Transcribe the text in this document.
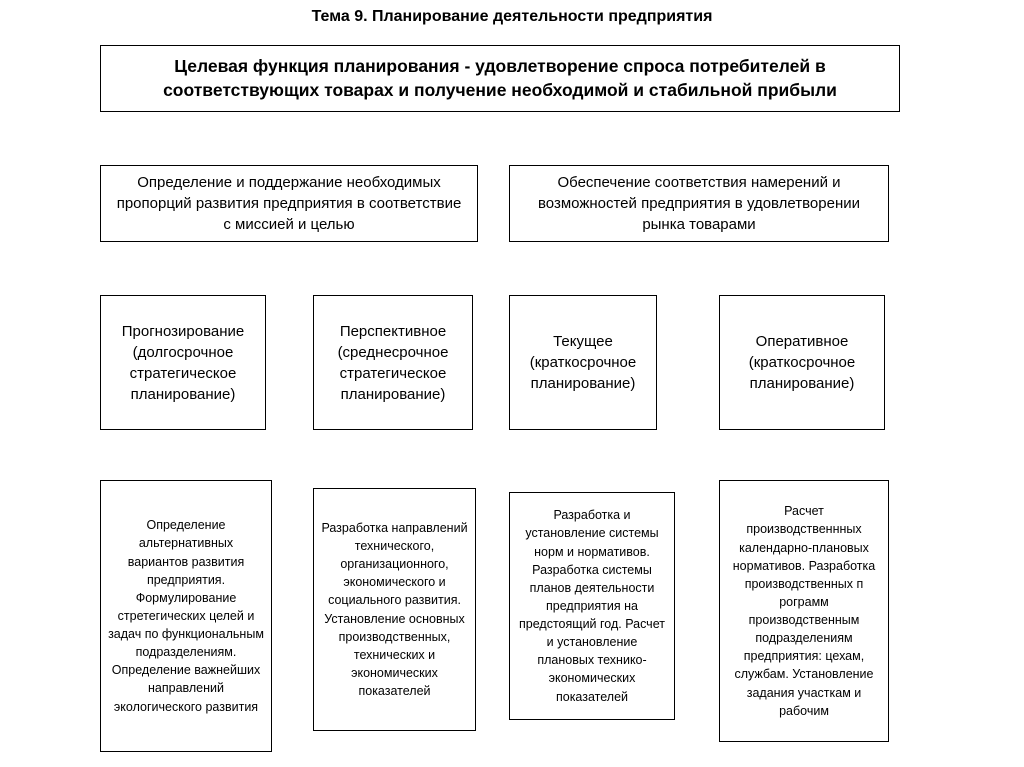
Тема 9. Планирование деятельности предприятия
Целевая функция планирования - удовлетворение спроса потребителей в соответствующих товарах и получение необходимой и стабильной прибыли
Определение и поддержание необходимых пропорций развития предприятия в соответствие с миссией и целью
Обеспечение соответствия намерений и возможностей предприятия в удовлетворении рынка товарами
Прогнозирование (долгосрочное стратегическое планирование)
Перспективное (среднесрочное стратегическое планирование)
Текущее (краткосрочное планирование)
Оперативное (краткосрочное планирование)
Определение альтернативных вариантов развития предприятия. Формулирование стретегических целей и задач по функциональным подразделениям. Определение важнейших направлений экологического развития
Разработка направлений технического, организационного, экономического и социального развития. Установление основных производственных, технических и экономических показателей
Разработка и установление системы норм и нормативов. Разработка системы планов деятельности предприятия на предстоящий год. Расчет и установление плановых технико-экономических показателей
Расчет производственнных календарно-плановых нормативов. Разработка производственных п рограмм производственным подразделениям предприятия: цехам, службам. Установление задания участкам и рабочим
